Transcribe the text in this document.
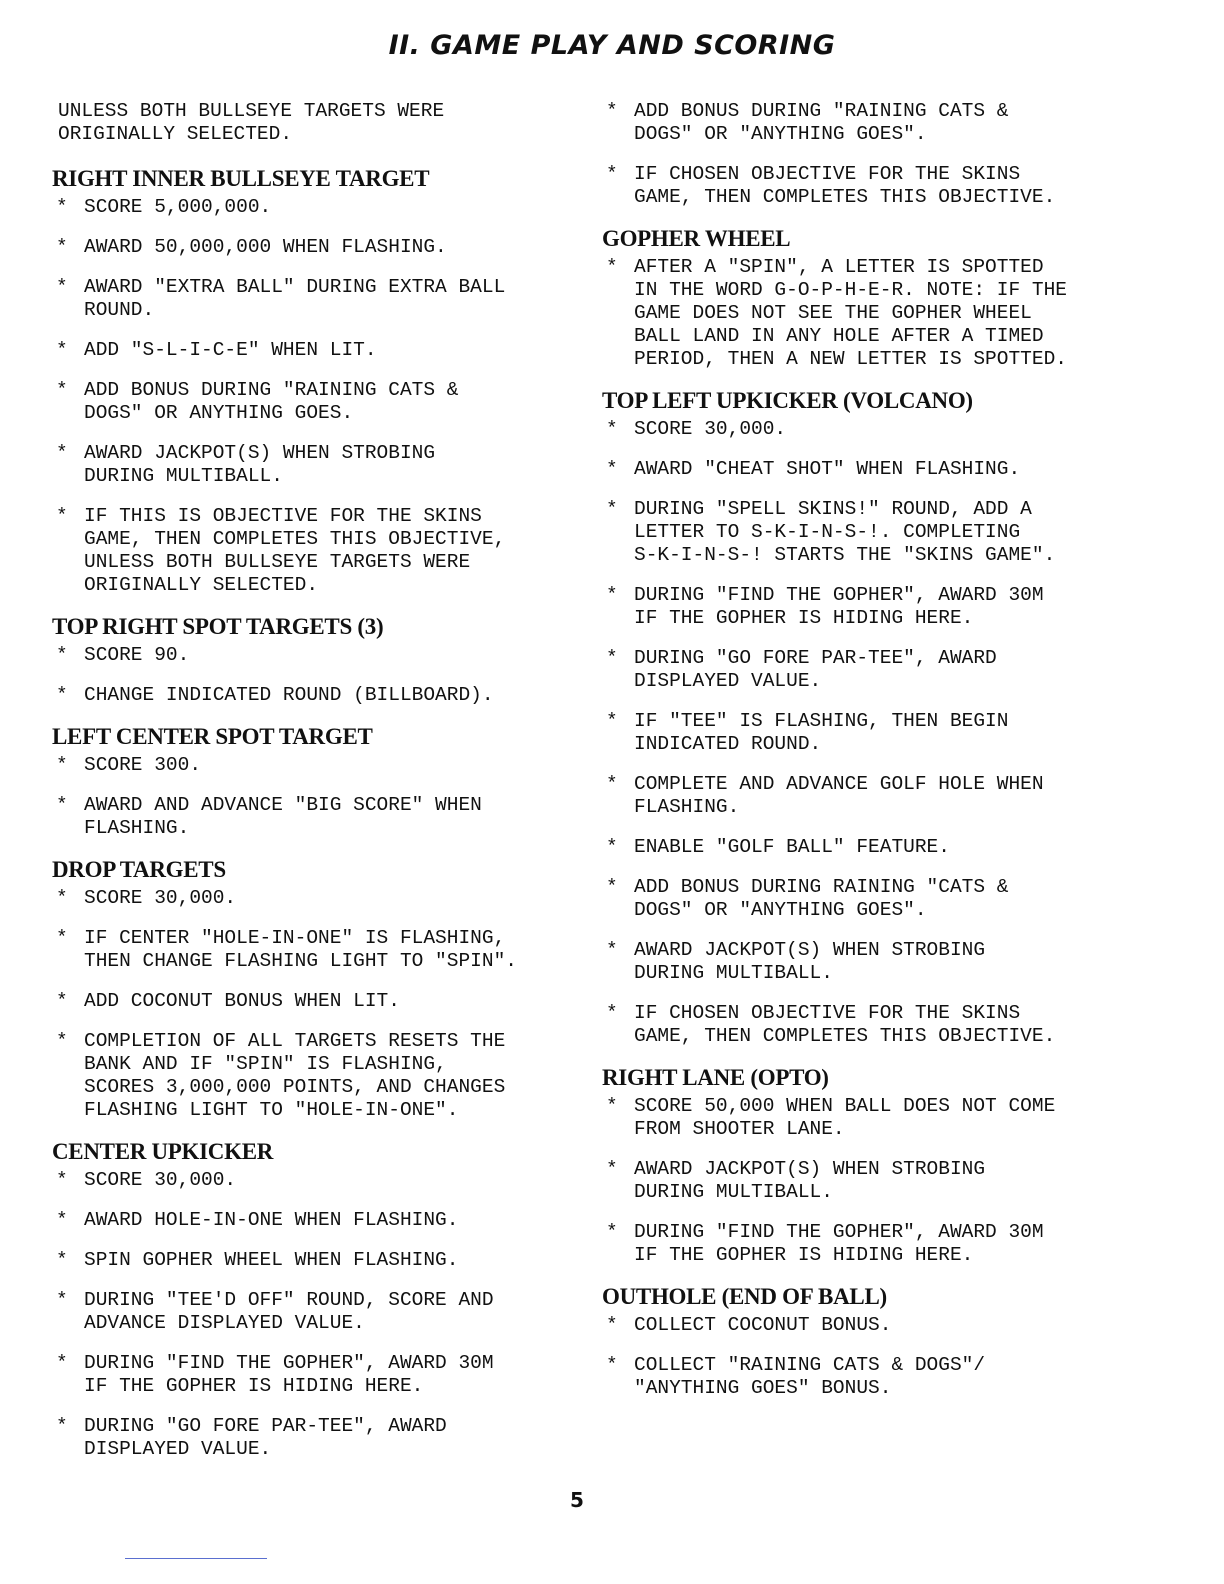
II. GAME PLAY AND SCORING
UNLESS BOTH BULLSEYE TARGETS WERE
ORIGINALLY SELECTED.
RIGHT INNER BULLSEYE TARGET
* SCORE 5,000,000.
* AWARD 50,000,000 WHEN FLASHING.
* AWARD "EXTRA BALL" DURING EXTRA BALL
ROUND.
* ADD "S-L-I-C-E" WHEN LIT.
* ADD BONUS DURING "RAINING CATS &
DOGS" OR ANYTHING GOES.
* AWARD JACKPOT(S) WHEN STROBING
DURING MULTIBALL.
* IF THIS IS OBJECTIVE FOR THE SKINS
GAME, THEN COMPLETES THIS OBJECTIVE,
UNLESS BOTH BULLSEYE TARGETS WERE
ORIGINALLY SELECTED.
TOP RIGHT SPOT TARGETS (3)
* SCORE 90.
* CHANGE INDICATED ROUND (BILLBOARD).
LEFT CENTER SPOT TARGET
* SCORE 300.
* AWARD AND ADVANCE "BIG SCORE" WHEN
FLASHING.
DROP TARGETS
* SCORE 30,000.
* IF CENTER "HOLE-IN-ONE" IS FLASHING,
THEN CHANGE FLASHING LIGHT TO "SPIN".
* ADD COCONUT BONUS WHEN LIT.
* COMPLETION OF ALL TARGETS RESETS THE
BANK AND IF "SPIN" IS FLASHING,
SCORES 3,000,000 POINTS, AND CHANGES
FLASHING LIGHT TO "HOLE-IN-ONE".
CENTER UPKICKER
* SCORE 30,000.
* AWARD HOLE-IN-ONE WHEN FLASHING.
* SPIN GOPHER WHEEL WHEN FLASHING.
* DURING "TEE'D OFF" ROUND, SCORE AND
ADVANCE DISPLAYED VALUE.
* DURING "FIND THE GOPHER", AWARD 30M
IF THE GOPHER IS HIDING HERE.
* DURING "GO FORE PAR-TEE", AWARD
DISPLAYED VALUE.
* ADD BONUS DURING "RAINING CATS &
DOGS" OR "ANYTHING GOES".
* IF CHOSEN OBJECTIVE FOR THE SKINS
GAME, THEN COMPLETES THIS OBJECTIVE.
GOPHER WHEEL
* AFTER A "SPIN", A LETTER IS SPOTTED
IN THE WORD G-O-P-H-E-R. NOTE: IF THE
GAME DOES NOT SEE THE GOPHER WHEEL
BALL LAND IN ANY HOLE AFTER A TIMED
PERIOD, THEN A NEW LETTER IS SPOTTED.
TOP LEFT UPKICKER (VOLCANO)
* SCORE 30,000.
* AWARD "CHEAT SHOT" WHEN FLASHING.
* DURING "SPELL SKINS!" ROUND, ADD A
LETTER TO S-K-I-N-S-!. COMPLETING
S-K-I-N-S-! STARTS THE "SKINS GAME".
* DURING "FIND THE GOPHER", AWARD 30M
IF THE GOPHER IS HIDING HERE.
* DURING "GO FORE PAR-TEE", AWARD
DISPLAYED VALUE.
* IF "TEE" IS FLASHING, THEN BEGIN
INDICATED ROUND.
* COMPLETE AND ADVANCE GOLF HOLE WHEN
FLASHING.
* ENABLE "GOLF BALL" FEATURE.
* ADD BONUS DURING RAINING "CATS &
DOGS" OR "ANYTHING GOES".
* AWARD JACKPOT(S) WHEN STROBING
DURING MULTIBALL.
* IF CHOSEN OBJECTIVE FOR THE SKINS
GAME, THEN COMPLETES THIS OBJECTIVE.
RIGHT LANE (OPTO)
* SCORE 50,000 WHEN BALL DOES NOT COME
FROM SHOOTER LANE.
* AWARD JACKPOT(S) WHEN STROBING
DURING MULTIBALL.
* DURING "FIND THE GOPHER", AWARD 30M
IF THE GOPHER IS HIDING HERE.
OUTHOLE (END OF BALL)
* COLLECT COCONUT BONUS.
* COLLECT "RAINING CATS & DOGS"/
"ANYTHING GOES" BONUS.
5
